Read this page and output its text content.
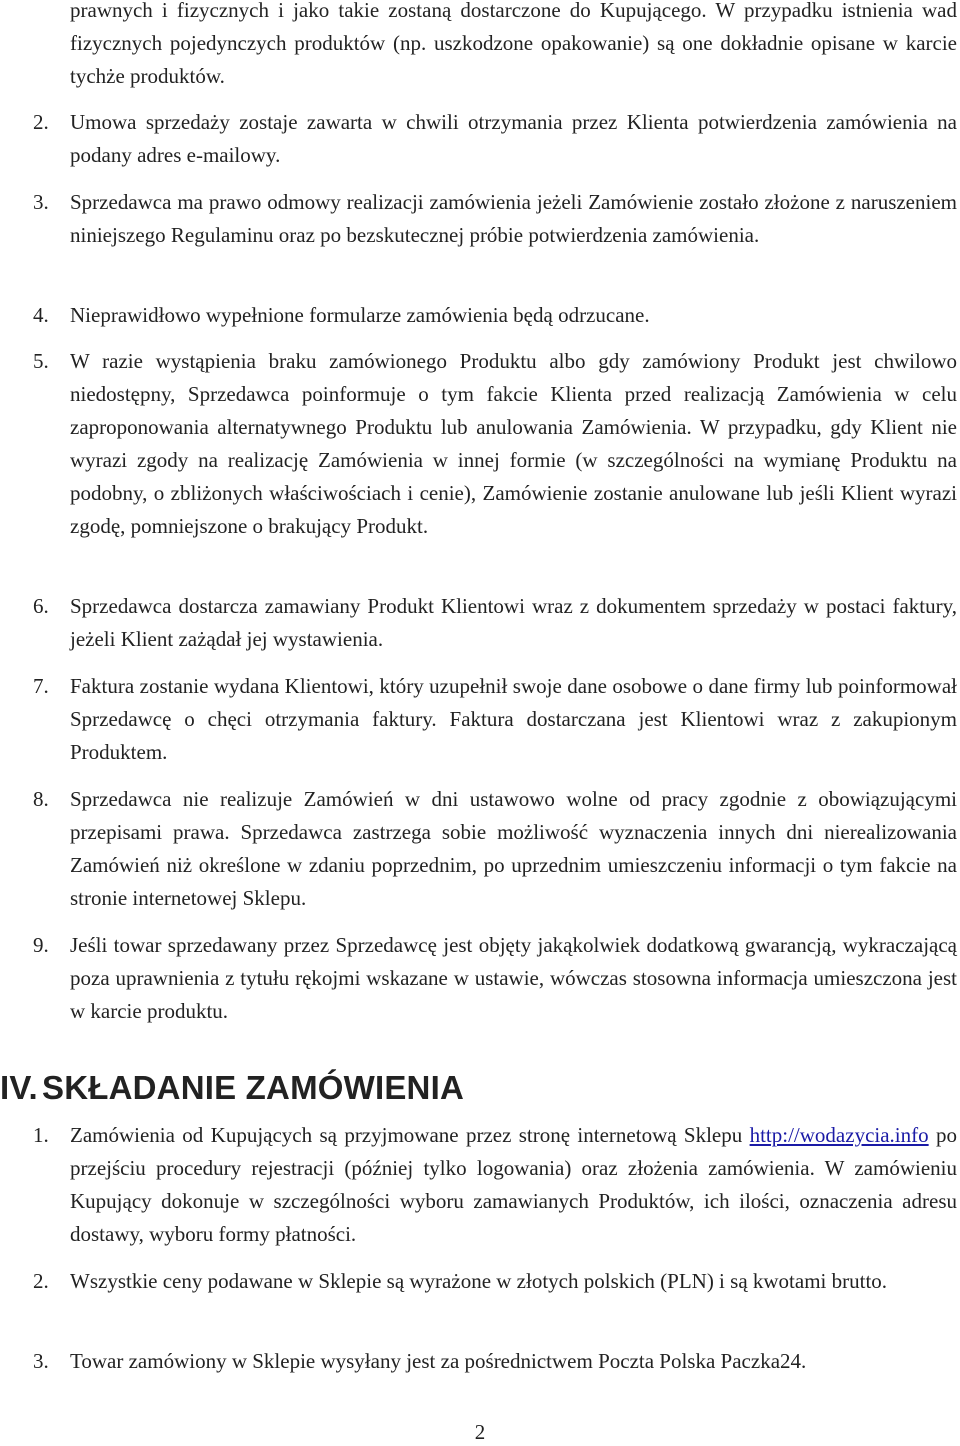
prawnych i fizycznych i jako takie zostaną dostarczone do Kupującego. W przypadku istnienia wad fizycznych pojedynczych produktów (np. uszkodzone opakowanie) są one dokładnie opisane w karcie tychże produktów.

2. Umowa sprzedaży zostaje zawarta w chwili otrzymania przez Klienta potwierdzenia zamówienia na podany adres e-mailowy.

3. Sprzedawca ma prawo odmowy realizacji zamówienia jeżeli Zamówienie zostało złożone z naruszeniem niniejszego Regulaminu oraz po bezskutecznej próbie potwierdzenia zamówienia.

4. Nieprawidłowo wypełnione formularze zamówienia będą odrzucane.

5. W razie wystąpienia braku zamówionego Produktu albo gdy zamówiony Produkt jest chwilowo niedostępny, Sprzedawca poinformuje o tym fakcie Klienta przed realizacją Zamówienia w celu zaproponowania alternatywnego Produktu lub anulowania Zamówienia. W przypadku, gdy Klient nie wyrazi zgody na realizację Zamówienia w innej formie (w szczególności na wymianę Produktu na podobny, o zbliżonych właściwościach i cenie), Zamówienie zostanie anulowane lub jeśli Klient wyrazi zgodę, pomniejszone o brakujący Produkt.

6. Sprzedawca dostarcza zamawiany Produkt Klientowi wraz z dokumentem sprzedaży w postaci faktury, jeżeli Klient zażądał jej wystawienia.

7. Faktura zostanie wydana Klientowi, który uzupełnił swoje dane osobowe o dane firmy lub poinformował Sprzedawcę o chęci otrzymania faktury. Faktura dostarczana jest Klientowi wraz z zakupionym Produktem.

8. Sprzedawca nie realizuje Zamówień w dni ustawowo wolne od pracy zgodnie z obowiązującymi przepisami prawa. Sprzedawca zastrzega sobie możliwość wyznaczenia innych dni nierealizowania Zamówień niż określone w zdaniu poprzednim, po uprzednim umieszczeniu informacji o tym fakcie na stronie internetowej Sklepu.

9. Jeśli towar sprzedawany przez Sprzedawcę jest objęty jakąkolwiek dodatkową gwarancją, wykraczającą poza uprawnienia z tytułu rękojmi wskazane w ustawie, wówczas stosowna informacja umieszczona jest w karcie produktu.

IV. SKŁADANIE ZAMÓWIENIA
1. Zamówienia od Kupujących są przyjmowane przez stronę internetową Sklepu http://wodazycia.info po przejściu procedury rejestracji (później tylko logowania) oraz złożenia zamówienia. W zamówieniu Kupujący dokonuje w szczególności wyboru zamawianych Produktów, ich ilości, oznaczenia adresu dostawy, wyboru formy płatności.

2. Wszystkie ceny podawane w Sklepie są wyrażone w złotych polskich (PLN) i są kwotami brutto.

3. Towar zamówiony w Sklepie wysyłany jest za pośrednictwem Poczta Polska Paczka24.

2
